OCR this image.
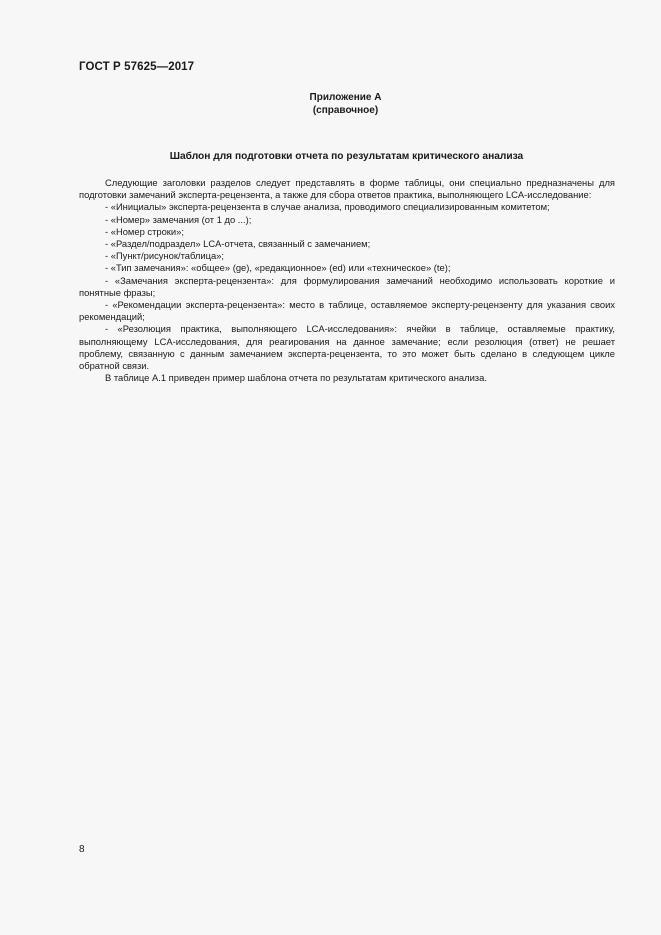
ГОСТ Р 57625—2017
Приложение А
(справочное)
Шаблон для подготовки отчета по результатам критического анализа

Следующие заголовки разделов следует представлять в форме таблицы, они специально предназначены для подготовки замечаний эксперта-рецензента, а также для сбора ответов практика, выполняющего LCA-исследование:

- «Инициалы» эксперта-рецензента в случае анализа, проводимого специализированным комитетом;

- «Номер» замечания (от 1 до ...);

- «Номер строки»;

- «Раздел/подраздел» LCA-отчета, связанный с замечанием;

- «Пункт/рисунок/таблица»;

- «Тип замечания»: «общее» (ge), «редакционное» (ed) или «техническое» (te);

- «Замечания эксперта-рецензента»: для формулирования замечаний необходимо использовать короткие и понятные фразы;

- «Рекомендации эксперта-рецензента»: место в таблице, оставляемое эксперту-рецензенту для указания своих рекомендаций;

- «Резолюция практика, выполняющего LCA-исследования»: ячейки в таблице, оставляемые практику, выполняющему LCA-исследования, для реагирования на данное замечание; если резолюция (ответ) не решает проблему, связанную с данным замечанием эксперта-рецензента, то это может быть сделано в следующем цикле обратной связи.

В таблице А.1 приведен пример шаблона отчета по результатам критического анализа.

8
